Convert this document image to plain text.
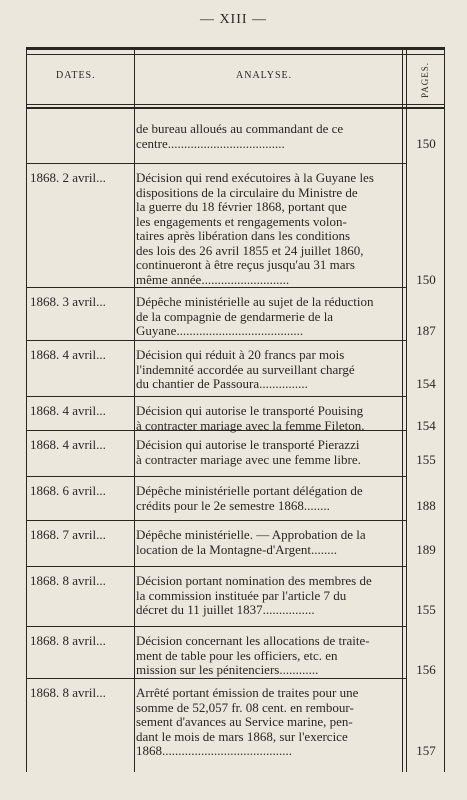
— XIII —
DATES.	ANALYSE.	PAGES.
de bureau alloués au commandant de ce
centre....................................	150
1868. 2 avril...	Décision qui rend exécutoires à la Guyane les
dispositions de la circulaire du Ministre de
la guerre du 18 février 1868, portant que
les engagements et rengagements volon-
taires après libération dans les conditions
des lois des 26 avril 1855 et 24 juillet 1860,
continueront à être reçus jusqu'au 31 mars
même année...........................	150
1868. 3 avril...	Dépêche ministérielle au sujet de la réduction
de la compagnie de gendarmerie de la
Guyane.......................................	187
1868. 4 avril...	Décision qui réduit à 20 francs par mois
l'indemnité accordée au surveillant chargé
du chantier de Passoura...............	154
1868. 4 avril...	Décision qui autorise le transporté Pouising
à contracter mariage avec la femme Fileton.	154
1868. 4 avril...	Décision qui autorise le transporté Pierazzi
à contracter mariage avec une femme libre.	155
1868. 6 avril...	Dépêche ministérielle portant délégation de
crédits pour le 2e semestre 1868........	188
1868. 7 avril...	Dépêche ministérielle. — Approbation de la
location de la Montagne-d'Argent........	189
1868. 8 avril...	Décision portant nomination des membres de
la commission instituée par l'article 7 du
décret du 11 juillet 1837................	155
1868. 8 avril...	Décision concernant les allocations de traite-
ment de table pour les officiers, etc. en
mission sur les pénitenciers............	156
1868. 8 avril...	Arrêté portant émission de traites pour une
somme de 52,057 fr. 08 cent. en rembour-
sement d'avances au Service marine, pen-
dant le mois de mars 1868, sur l'exercice
1868........................................	157
